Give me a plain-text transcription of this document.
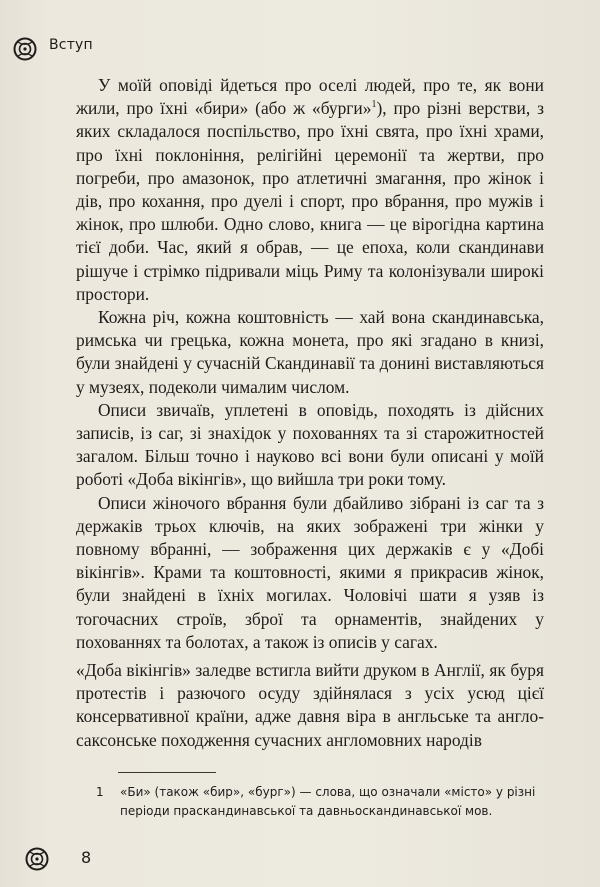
Вступ

У моїй оповіді йдеться про оселі людей, про те, як вони жили, про їхні «бири» (або ж «бурги»$^1$), про різні верстви, з яких складалося поспільство, про їхні свята, про їхні храми, про їхні поклоніння, релігійні церемонії та жертви, про погреби, про амазонок, про атлетичні змагання, про жінок і дів, про кохання, про дуелі і спорт, про вбрання, про мужів і жінок, про шлюби. Одно слово, книга — це вірогідна картина тієї доби. Час, який я обрав, — це епоха, коли скандинави рішуче і стрімко підривали міць Риму та колонізували широкі простори.

Кожна річ, кожна коштовність — хай вона скандинавська, римська чи грецька, кожна монета, про які згадано в книзі, були знайдені у сучасній Скандинавії та донині виставляються у музеях, подеколи чималим числом.

Описи звичаїв, уплетені в оповідь, походять із дійсних записів, із саг, зі знахідок у похованнях та зі старожитностей загалом. Більш точно і науково всі вони були описані у моїй роботі «Доба вікінгів», що вийшла три роки тому.

Описи жіночого вбрання були дбайливо зібрані із саг та з держаків трьох ключів, на яких зображені три жінки у повному вбранні, — зображення цих держаків є у «Добі вікінгів». Крами та коштовності, якими я прикрасив жінок, були знайдені в їхніх могилах. Чоловічі шати я узяв із тогочасних строїв, зброї та орнаментів, знайдених у похованнях та болотах, а також із описів у сагах.

«Доба вікінгів» заледве встигла вийти друком в Англії, як буря протестів і разючого осуду здійнялася з усіх усюд цієї консервативної країни, адже давня віра в англьське та англо-саксонське походження сучасних англомовних народів

1 «Би» (також «бир», «бург») — слова, що означали «місто» у різні періоди праскандинавської та давньоскандинавської мов.
8
